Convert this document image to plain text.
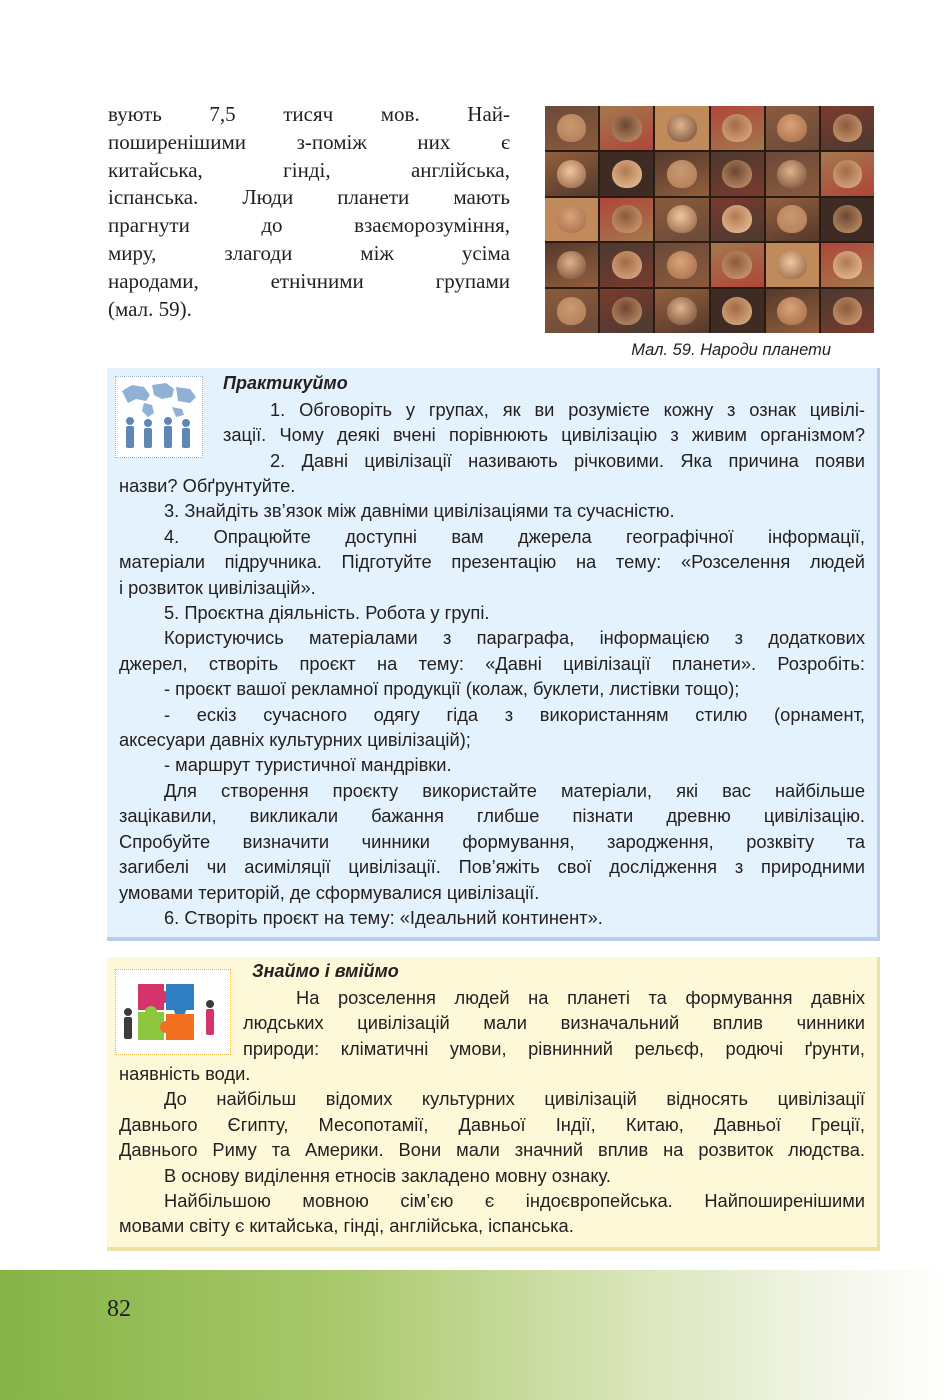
вують 7,5 тисяч мов. Най-
поширенішими з-поміж них є
китайська, гінді, англійська,
іспанська. Люди планети мають
прагнути до взаєморозуміння,
миру, злагоди між усіма
народами, етнічними групами
(мал. 59).
Мал. 59. Народи планети
Практикуймо
1. Обговоріть у групах, як ви розумієте кожну з ознак цивілі-
зації. Чому деякі вчені порівнюють цивілізацію з живим організмом?
2. Давні цивілізації називають річковими. Яка причина появи
назви? Обґрунтуйте.
3. Знайдіть зв’язок між давніми цивілізаціями та сучасністю.
4. Опрацюйте доступні вам джерела географічної інформації,
матеріали підручника. Підготуйте презентацію на тему: «Розселення людей
і розвиток цивілізацій».
5. Проєктна діяльність. Робота у групі.
Користуючись матеріалами з параграфа, інформацією з додаткових
джерел, створіть проєкт на тему: «Давні цивілізації планети». Розробіть:
- проєкт вашої рекламної продукції (колаж, буклети, листівки тощо);
- ескіз сучасного одягу гіда з використанням стилю (орнамент,
аксесуари давніх культурних цивілізацій);
- маршрут туристичної мандрівки.
Для створення проєкту використайте матеріали, які вас найбільше
зацікавили, викликали бажання глибше пізнати древню цивілізацію.
Спробуйте визначити чинники формування, зародження, розквіту та
загибелі чи асиміляції цивілізації. Пов’яжіть свої дослідження з природними
умовами територій, де сформувалися цивілізації.
6. Створіть проєкт на тему: «Ідеальний континент».
Знаймо і вміймо
На розселення людей на планеті та формування давніх
людських цивілізацій мали визначальний вплив чинники
природи: кліматичні умови, рівнинний рельєф, родючі ґрунти,
наявність води.
До найбільш відомих культурних цивілізацій відносять цивілізації
Давнього Єгипту, Месопотамії, Давньої Індії, Китаю, Давньої Греції,
Давнього Риму та Америки. Вони мали значний вплив на розвиток людства.
В основу виділення етносів закладено мовну ознаку.
Найбільшою мовною сім’єю є індоєвропейська. Найпоширенішими
мовами світу є китайська, гінді, англійська, іспанська.
82
